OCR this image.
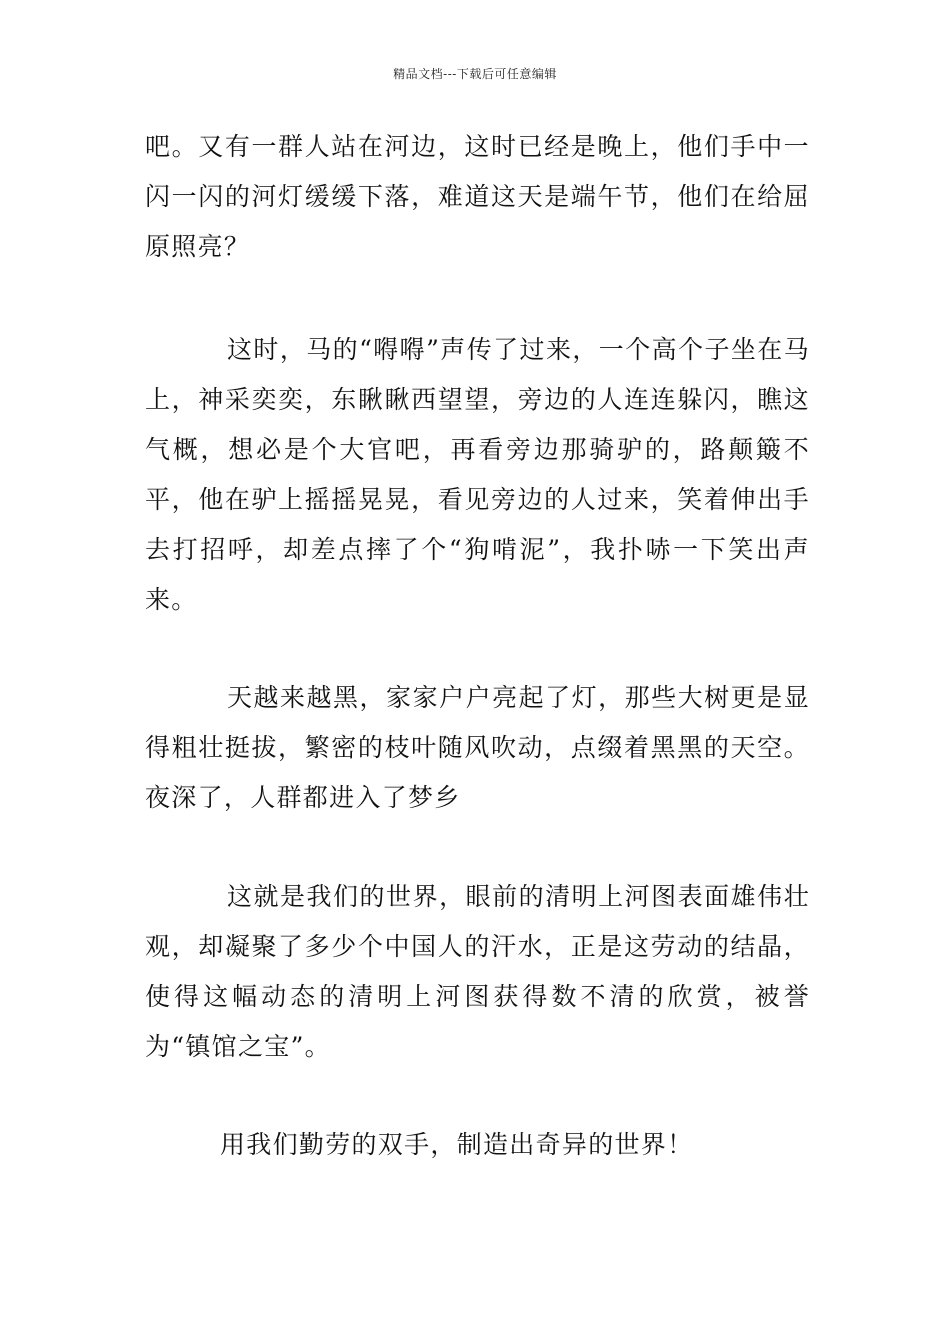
精品文档---下载后可任意编辑

吧。又有一群人站在河边，这时已经是晚上，他们手中一闪一闪的河灯缓缓下落，难道这天是端午节，他们在给屈原照亮？

这时，马的“嘚嘚”声传了过来，一个高个子坐在马上，神采奕奕，东瞅瞅西望望，旁边的人连连躲闪，瞧这气概，想必是个大官吧，再看旁边那骑驴的，路颠簸不平，他在驴上摇摇晃晃，看见旁边的人过来，笑着伸出手去打招呼，却差点摔了个“狗啃泥”，我扑哧一下笑出声来。

天越来越黑，家家户户亮起了灯，那些大树更是显得粗壮挺拔，繁密的枝叶随风吹动，点缀着黑黑的天空。夜深了，人群都进入了梦乡

这就是我们的世界，眼前的清明上河图表面雄伟壮观，却凝聚了多少个中国人的汗水，正是这劳动的结晶，使得这幅动态的清明上河图获得数不清的欣赏，被誉为“镇馆之宝”。

用我们勤劳的双手，制造出奇异的世界！
